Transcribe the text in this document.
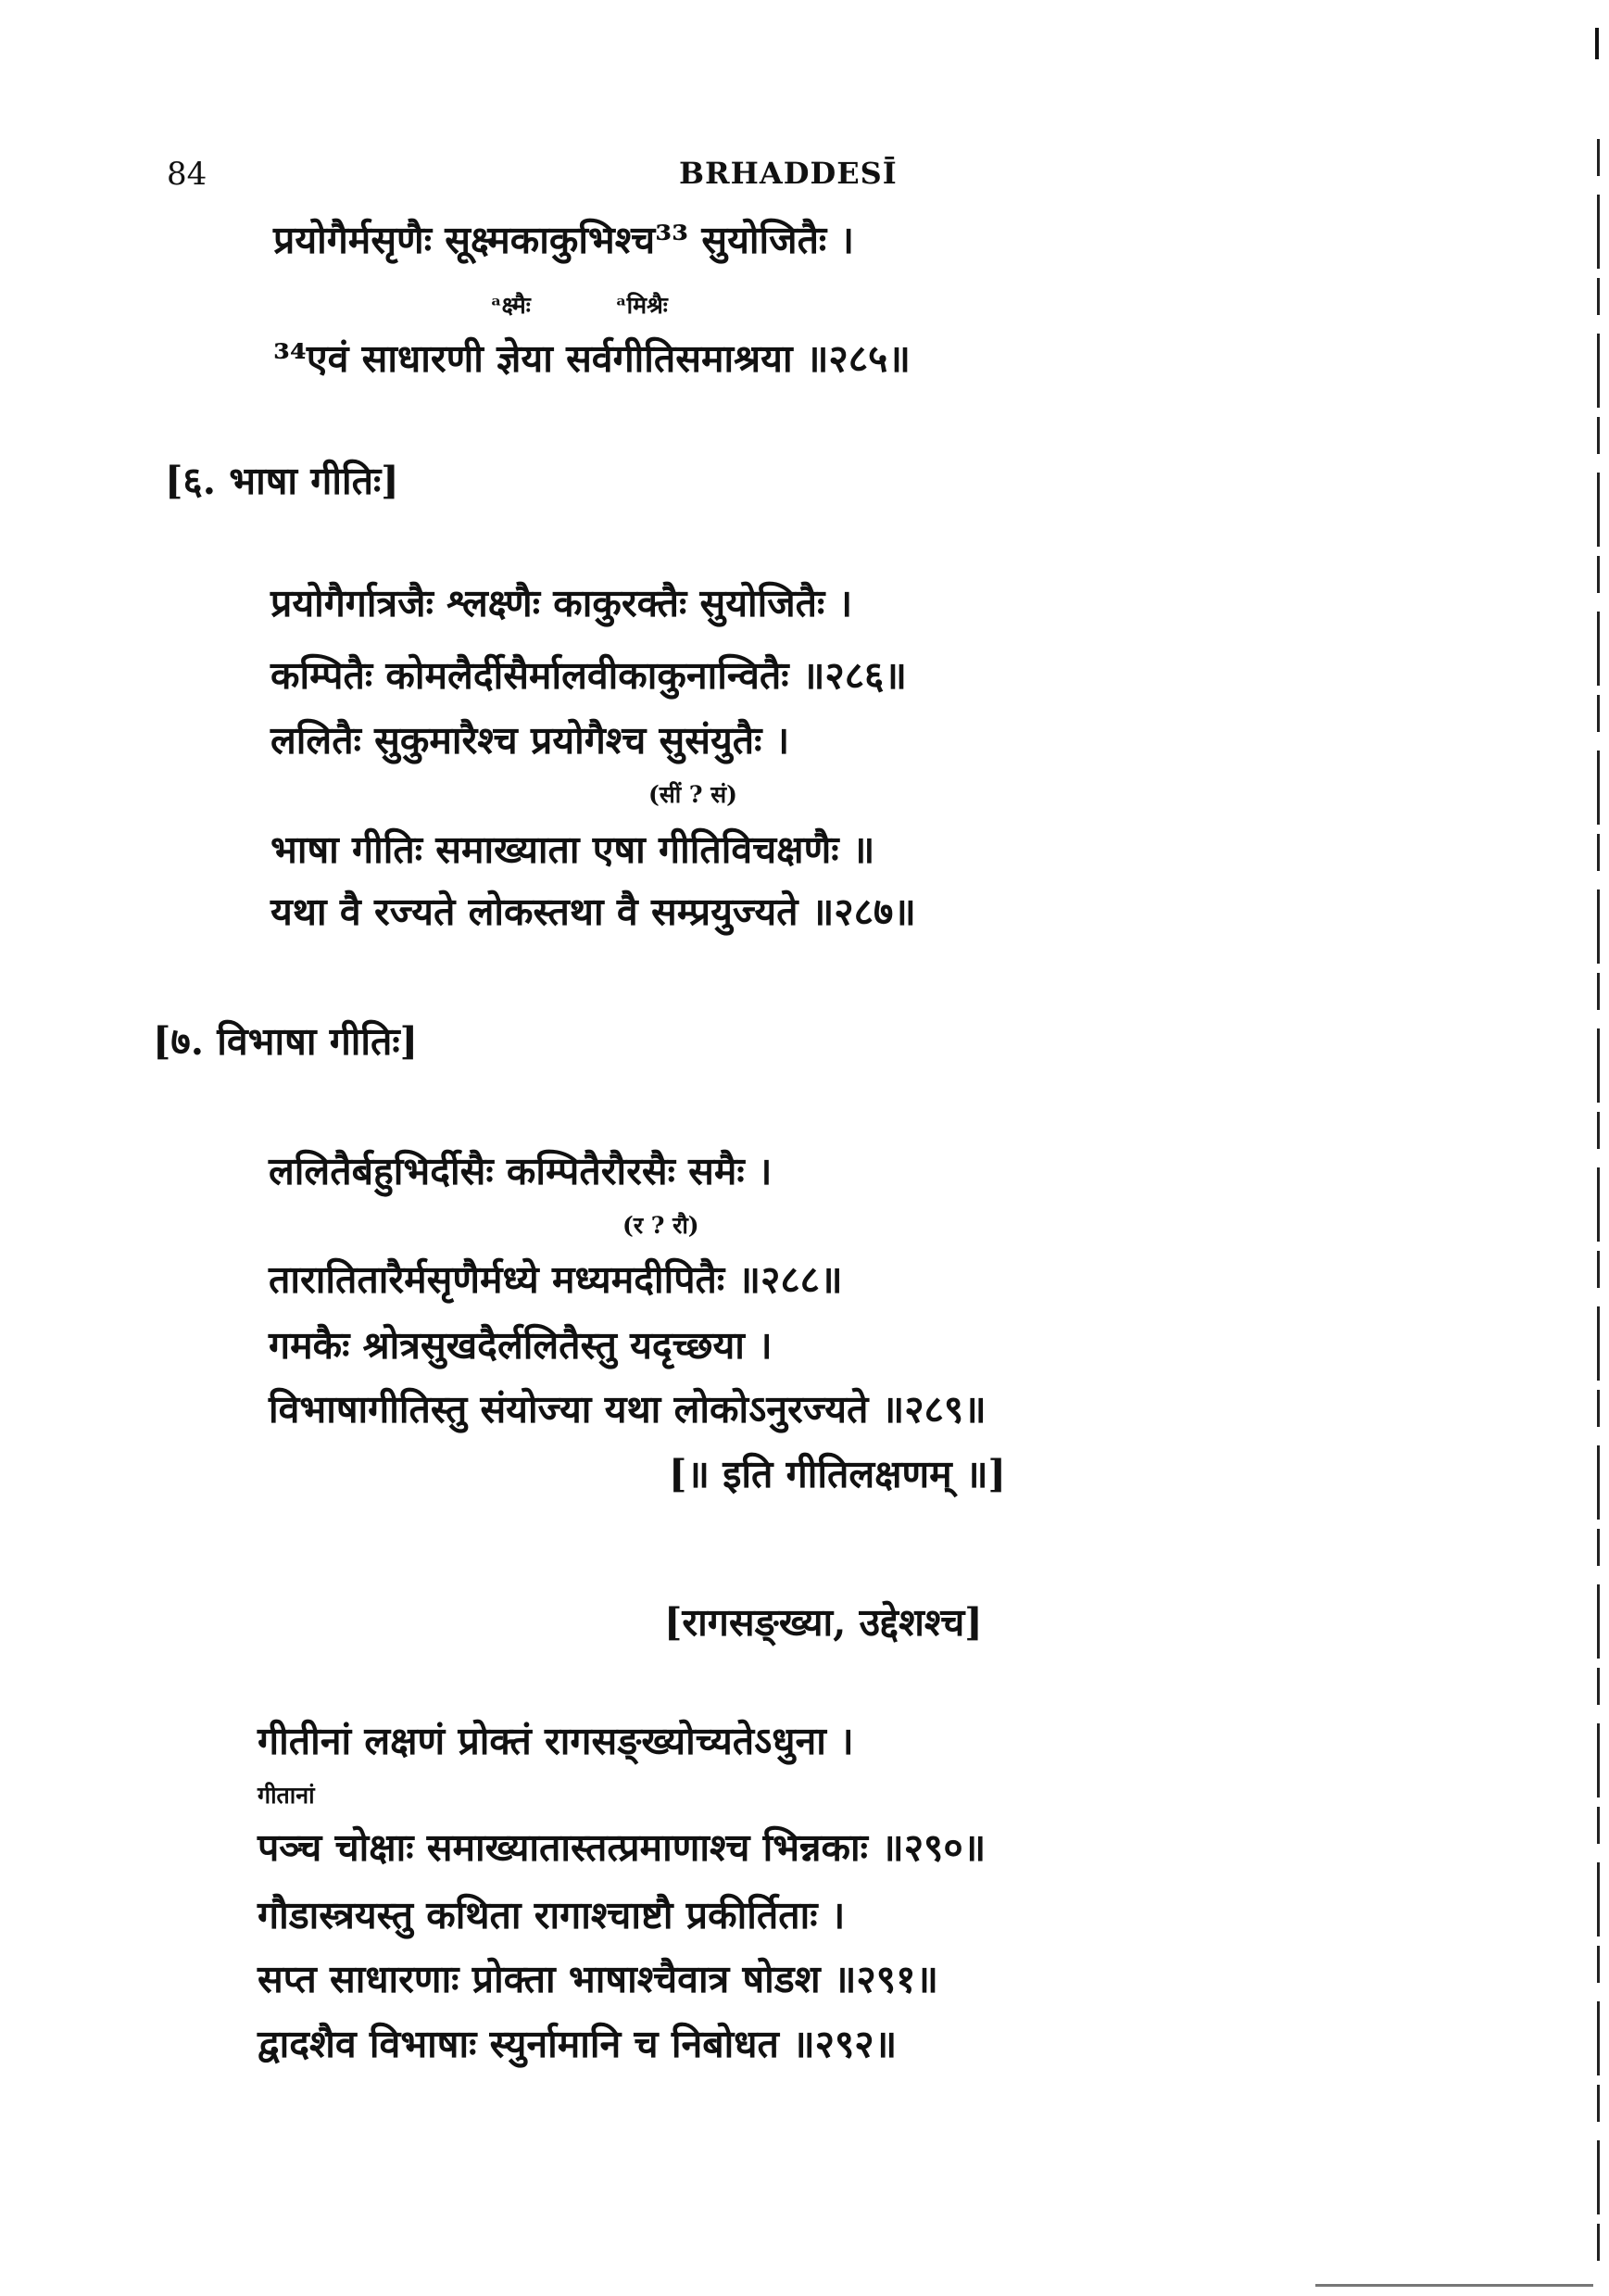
84	BRHADDESĪ
प्रयोगैर्मसृणैः सूक्ष्मकाकुभिश्च³³ सुयोजितैः ।
ᵃक्ष्मैः	ᵃमिश्रैः
³⁴एवं साधारणी ज्ञेया सर्वगीतिसमाश्रया ॥२८५॥
[६. भाषा गीतिः]
प्रयोगैर्गात्रजैः श्लक्ष्णैः काकुरक्तैः सुयोजितैः ।
कम्पितैः कोमलैर्दीसैर्मालवीकाकुनान्वितैः ॥२८६॥
ललितैः सुकुमारैश्च प्रयोगैश्च सुसंयुतैः ।
(सीं ? सं)
भाषा गीतिः समाख्याता एषा गीतिविचक्षणैः ॥
यथा वै रज्यते लोकस्तथा वै सम्प्रयुज्यते ॥२८७॥
[७. विभाषा गीतिः]
ललितैर्बहुभिर्दीसैः कम्पितैरौरसैः समैः ।
(र ? रौ)
तारातितारैर्मसृणैर्मध्ये मध्यमदीपितैः ॥२८८॥
गमकैः श्रोत्रसुखदैर्ललितैस्तु यदृच्छया ।
विभाषागीतिस्तु संयोज्या यथा लोकोऽनुरज्यते ॥२८९॥
[॥ इति गीतिलक्षणम् ॥]
[रागसङ्ख्या, उद्देशश्च]
गीतीनां लक्षणं प्रोक्तं रागसङ्ख्योच्यतेऽधुना ।
गीतानां
पञ्च चोक्षाः समाख्यातास्तत्प्रमाणाश्च भिन्नकाः ॥२९०॥
गौडास्त्रयस्तु कथिता रागाश्चाष्टौ प्रकीर्तिताः ।
सप्त साधारणाः प्रोक्ता भाषाश्चैवात्र षोडश ॥२९१॥
द्वादशैव विभाषाः स्युर्नामानि च निबोधत ॥२९२॥
